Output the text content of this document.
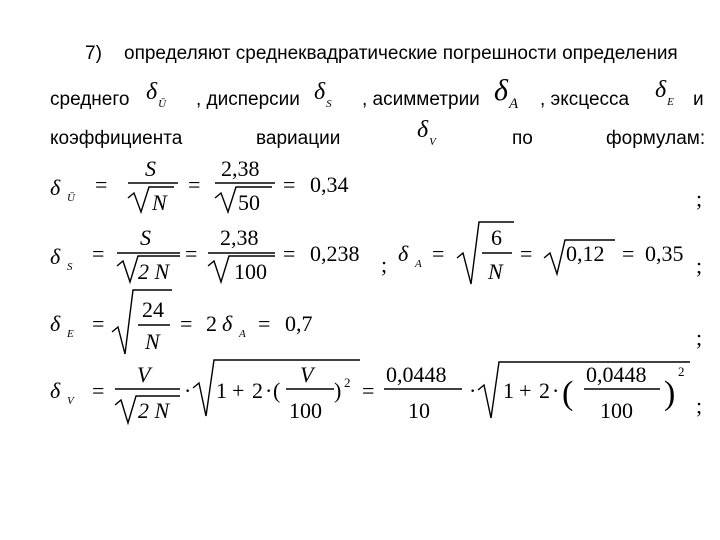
7) определяют среднеквадратические погрешности определения
среднего $\delta_Ū$ , дисперсии $\delta_S$ , асимметрии $\delta_A$ , эксцесса $\delta_E$ и
коэффициента	вариации	$\delta_V$	по	формулам:
δ Ū
=
S
N
=
2,38
50
= 0,34
;
δ S
=
S
2 N
=
2,38
100
= 0,238 ; δ A =
6
N
= 0,12 = 0,35 ;
δ E =
24
N
= 2 δ A = 0,7
;
δ V =
V
2 N
· 1 + 2 · (
V
100
) 2 =
0,0448
10
· 1 + 2 · (
0,0448
100 )
2
;
